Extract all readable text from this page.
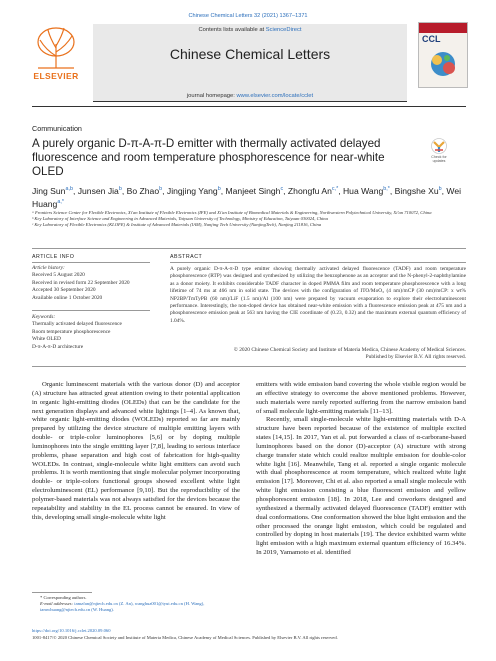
Chinese Chemical Letters 32 (2021) 1367–1371
ELSEVIER
Contents lists available at ScienceDirect
Chinese Chemical Letters
journal homepage: www.elsevier.com/locate/cclet
CCL
Communication
A purely organic D-π-A-π-D emitter with thermally activated delayed fluorescence and room temperature phosphorescence for near-white OLED
Check for updates
Jing Sun$^{a,b}$, Junsen Jia$^b$, Bo Zhao$^b$, Jingjing Yang$^b$, Manjeet Singh$^c$, Zhongfu $An^{c,*}$, Hua Wang$^{b,*}$, Bingshe Xu$^b$, Wei Huang$^{a,*}$
ᵃ Frontiers Science Center for Flexible Electronics, Xi'an Institute of Flexible Electronics (IFE) and Xi'an Institute of Biomedical Materials & Engineering, Northwestern Polytechnical University, Xi'an 710072, China
ᵇ Key Laboratory of Interface Science and Engineering in Advanced Materials, Taiyuan University of Technology, Ministry of Education, Taiyuan 030024, China
ᶜ Key Laboratory of Flexible Electronics (KLOFE) & Institute of Advanced Materials (IAM), Nanjing Tech University (NanjingTech), Nanjing 211816, China
ARTICLE INFO
Article history:
Received 5 August 2020
Received in revised form 22 September 2020
Accepted 30 September 2020
Available online 1 October 2020
Keywords:
Thermally activated delayed fluorescence
Room temperature phosphorescence
White OLED
D-π-A-π-D architecture
ABSTRACT
A purely organic D-π-A-π-D type emitter showing thermally activated delayed fluorescence (TADF) and room temperature phosphorescence (RTP) was designed and synthesized by utilizing the benzophenone as an acceptor and the N-phenyl-2-naphthylamine as a donor moiety. It exhibits considerable TADF character in doped PMMA film and room temperature phosphorescence with a long lifetime of 74 ms at 466 nm in solid state. The devices with the configuration of ITO/MoO₃ (4 nm)/mCP (30 nm)/mCP: x wt% NP2BP/TmTyPB (60 nm)/LiF (1.5 nm)/Al (100 nm) were prepared by vacuum evaporation to explore their electroluminescent performance. Interestingly, the non-doped device has obtained near-white emission with a fluorescence emission peak at 475 nm and a phosphorescence emission peak at 563 nm having the CIE coordinate of (0.23, 0.32) and the maximum external quantum efficiency of 1.04%.
© 2020 Chinese Chemical Society and Institute of Materia Medica, Chinese Academy of Medical Sciences.
Published by Elsevier B.V. All rights reserved.

Organic luminescent materials with the various donor (D) and acceptor (A) structure has attracted great attention owing to their potential application in organic light-emitting diodes (OLEDs) that can be the candidate for the next generation displays and advanced white lightings [1–4]. As known that, white organic light-emitting diodes (WOLEDs) reported so far are mainly prepared by utilizing the device structure of multiple emitting layers with double- or triple-color luminophores [5,6] or by doping multiple luminophores into the single emitting layer [7,8], leading to serious interface problems, phase separation and high cost of fabrication for high-quality WOLEDs. In contrast, single-molecule white light emitters can avoid such problems. It is worth mentioning that single molecular polymer incorporating double- or triple-colors functional groups showed excellent white light electroluminescent (EL) performance [9,10]. But the reproducibility of the polymer-based materials was not always satisfied for the devices because the repeatability and stability in the EL process cannot be ensured. In view of this, developing small single-molecule white light

emitters with wide emission band covering the whole visible region would be an effective strategy to overcome the above mentioned problems. However, such materials were rarely reported suffering from the narrow emission band of small molecule light-emitting materials [11–13].

Recently, small single-molecule white light-emitting materials with D-A structure have been reported because of the existence of multiple excited states [14,15]. In 2017, Yan et al. put forwarded a class of α-carborane-based luminophores based on the donor (D)-acceptor (A) structure with strong charge transfer state which could realize multiple emission for double-color white light [16]. Meanwhile, Tang et al. reported a single organic molecule with dual phosphorescence at room temperature, which realized white light emission [17]. Moreover, Chi et al. also reported a small single molecule with white light emission consisting a blue fluorescent emission and yellow phosphorescent emission [18]. In 2018, Lee and coworkers designed and synthesized a thermally activated delayed fluorescence (TADF) emitter with dual conformations. One conformation showed the blue light emission and the other processed the orange light emission, which could be regulated and controlled by doping in host materials [19]. The device exhibited warm white light emission with a high maximum external quantum efficiency of 16.34%. In 2019, Yamamoto et al. identified

* Corresponding authors.
E-mail addresses: iamzfan@njtech.edu.cn (Z. An), wanghua001@tyut.edu.cn (H. Wang), iamwhuang@njtech.edu.cn (W. Huang).
https://doi.org/10.1016/j.cclet.2020.09.060
1001-8417/© 2020 Chinese Chemical Society and Institute of Materia Medica, Chinese Academy of Medical Sciences. Published by Elsevier B.V. All rights reserved.
